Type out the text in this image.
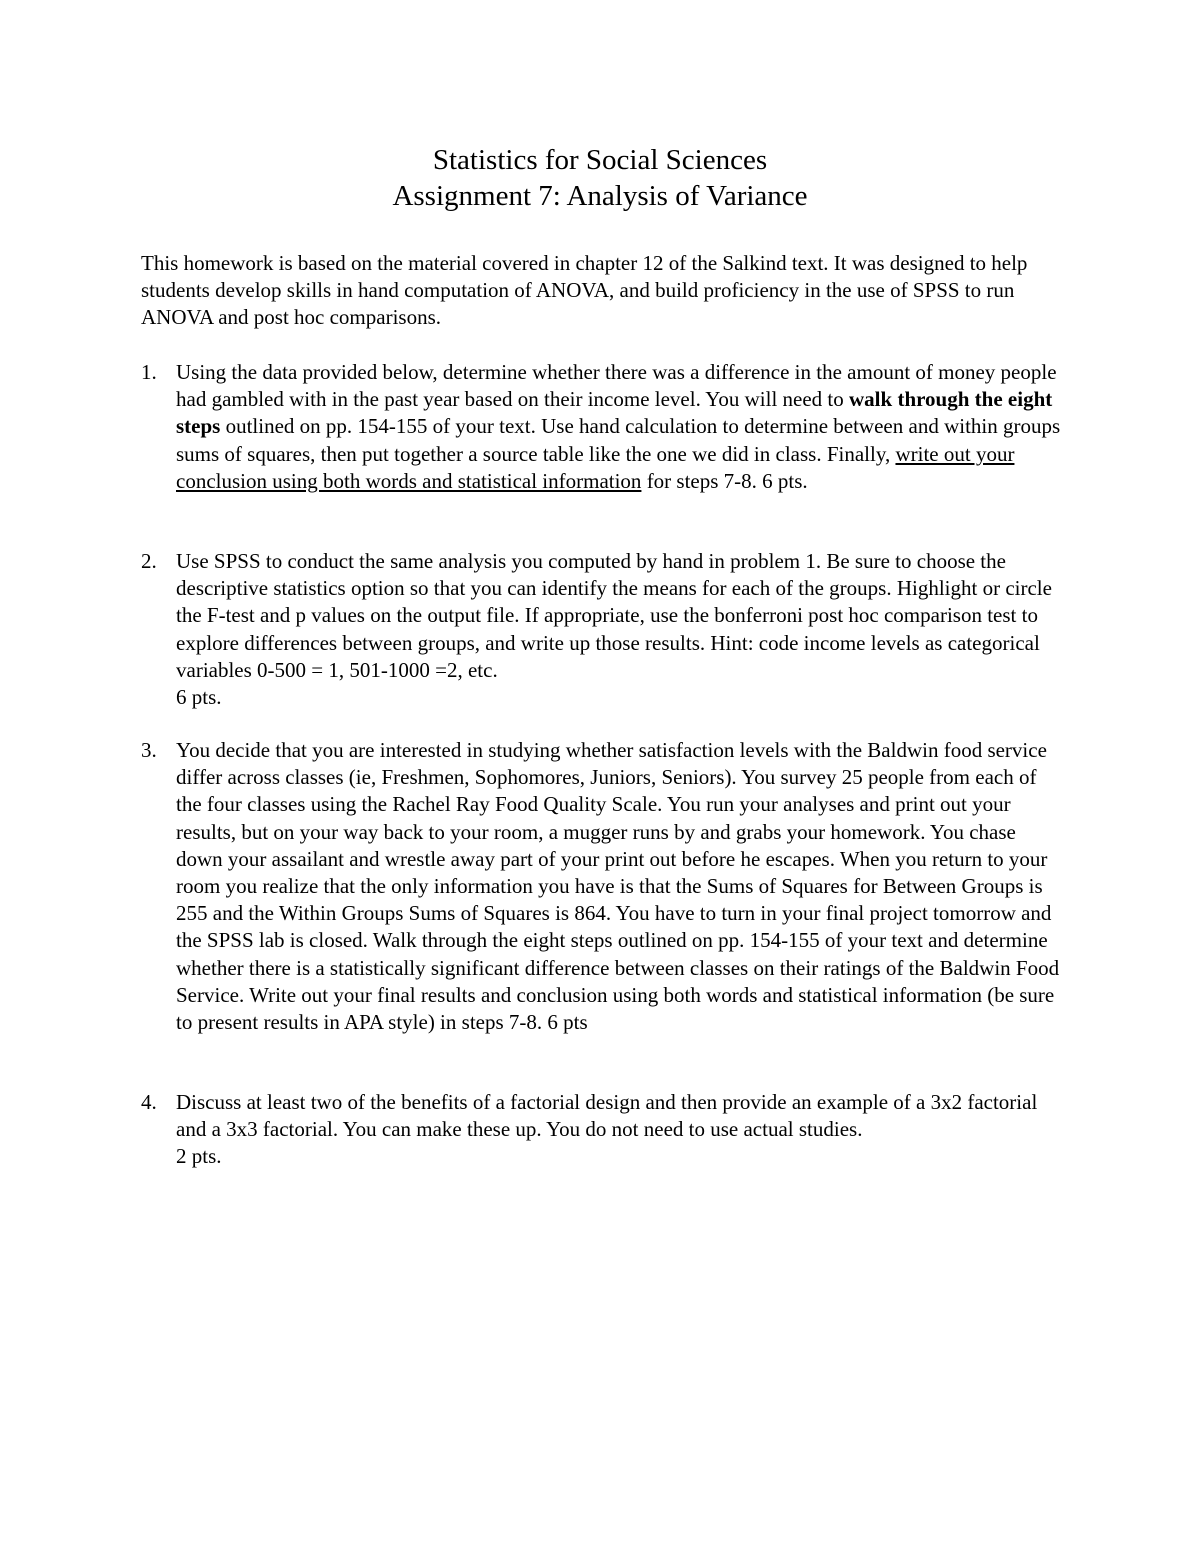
Statistics for Social Sciences
Assignment 7: Analysis of Variance
This homework is based on the material covered in chapter 12 of the Salkind text. It was designed to help students develop skills in hand computation of ANOVA, and build proficiency in the use of SPSS to run ANOVA and post hoc comparisons.
1. Using the data provided below, determine whether there was a difference in the amount of money people had gambled with in the past year based on their income level. You will need to walk through the eight steps outlined on pp. 154-155 of your text. Use hand calculation to determine between and within groups sums of squares, then put together a source table like the one we did in class. Finally, write out your conclusion using both words and statistical information for steps 7-8. 6 pts.
2. Use SPSS to conduct the same analysis you computed by hand in problem 1. Be sure to choose the descriptive statistics option so that you can identify the means for each of the groups. Highlight or circle the F-test and p values on the output file. If appropriate, use the bonferroni post hoc comparison test to explore differences between groups, and write up those results. Hint: code income levels as categorical variables 0-500 = 1, 501-1000 =2, etc.
6 pts.
3. You decide that you are interested in studying whether satisfaction levels with the Baldwin food service differ across classes (ie, Freshmen, Sophomores, Juniors, Seniors). You survey 25 people from each of the four classes using the Rachel Ray Food Quality Scale. You run your analyses and print out your results, but on your way back to your room, a mugger runs by and grabs your homework. You chase down your assailant and wrestle away part of your print out before he escapes. When you return to your room you realize that the only information you have is that the Sums of Squares for Between Groups is 255 and the Within Groups Sums of Squares is 864. You have to turn in your final project tomorrow and the SPSS lab is closed. Walk through the eight steps outlined on pp. 154-155 of your text and determine whether there is a statistically significant difference between classes on their ratings of the Baldwin Food Service. Write out your final results and conclusion using both words and statistical information (be sure to present results in APA style) in steps 7-8. 6 pts
4. Discuss at least two of the benefits of a factorial design and then provide an example of a 3x2 factorial and a 3x3 factorial. You can make these up. You do not need to use actual studies.
2 pts.
